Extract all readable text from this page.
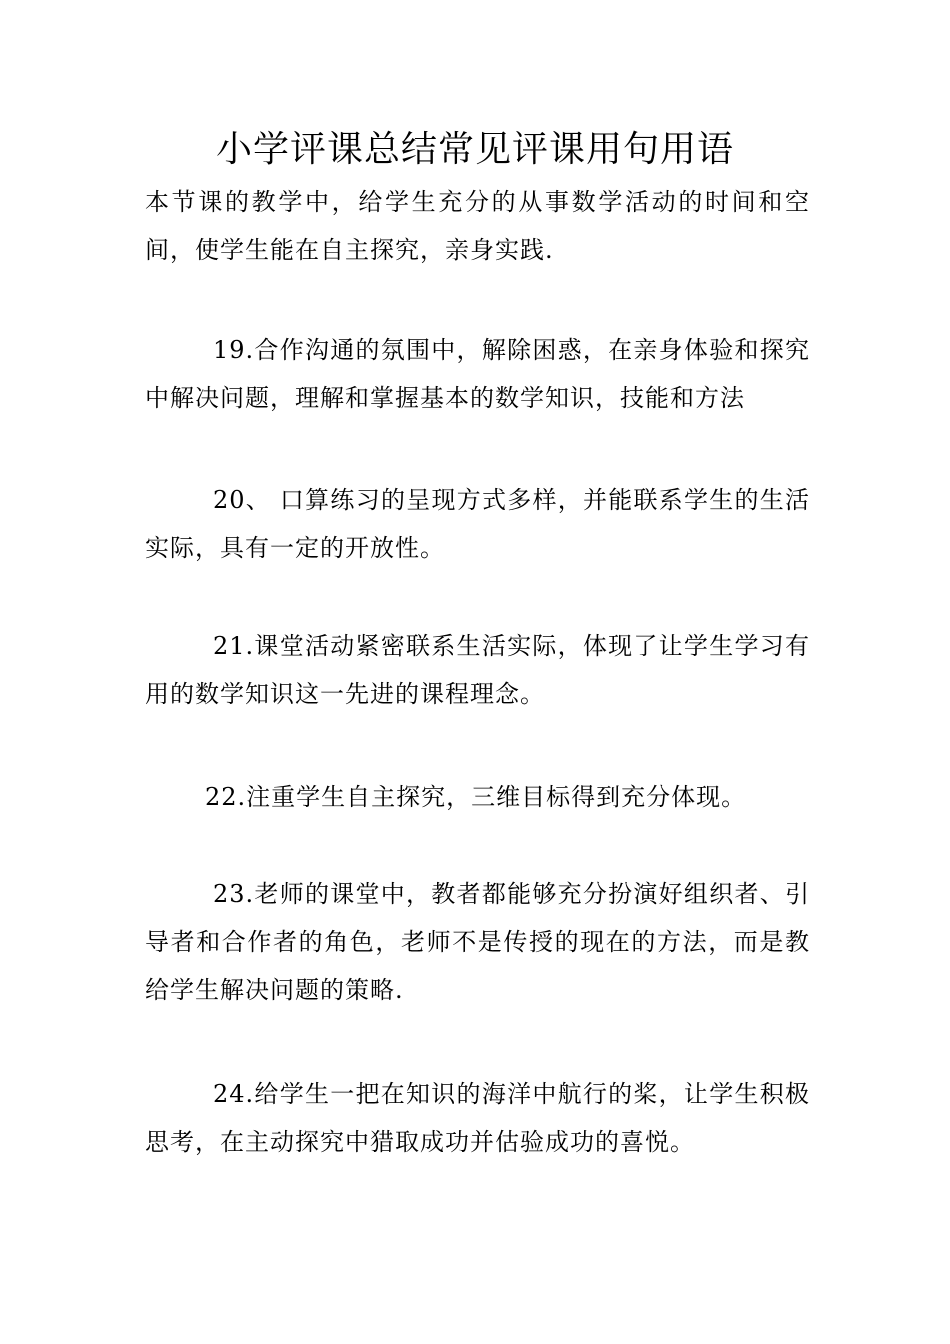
小学评课总结常见评课用句用语

本节课的教学中，给学生充分的从事数学活动的时间和空间，使学生能在自主探究，亲身实践.

19.合作沟通的氛围中，解除困惑，在亲身体验和探究中解决问题，理解和掌握基本的数学知识，技能和方法

20、 口算练习的呈现方式多样，并能联系学生的生活实际，具有一定的开放性。

21.课堂活动紧密联系生活实际，体现了让学生学习有用的数学知识这一先进的课程理念。

22.注重学生自主探究，三维目标得到充分体现。

23.老师的课堂中，教者都能够充分扮演好组织者、引导者和合作者的角色，老师不是传授的现在的方法，而是教给学生解决问题的策略.

24.给学生一把在知识的海洋中航行的桨，让学生积极思考，在主动探究中猎取成功并估验成功的喜悦。
